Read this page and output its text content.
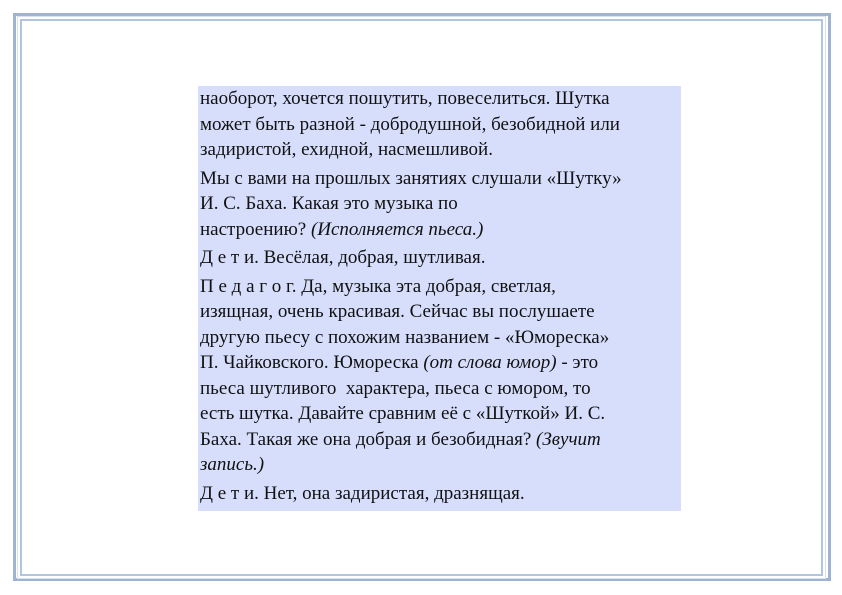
наоборот, хочется пошутить, повеселиться. Шутка
может быть разной - добродушной, безобидной или
задиристой, ехидной, насмешливой.

Мы с вами на прошлых занятиях слушали «Шутку»
И. С. Баха. Какая это музыка по
настроению? (Исполняется пьеса.)

Д е т и. Весёлая, добрая, шутливая.

П е д а г о г. Да, музыка эта добрая, светлая,
изящная, очень красивая. Сейчас вы послушаете
другую пьесу с похожим названием - «Юмореска»
П. Чайковского. Юмореска (от слова юмор) - это
пьеса шутливого  характера, пьеса с юмором, то
есть шутка. Давайте сравним её с «Шуткой» И. С.
Баха. Такая же она добрая и безобидная? (Звучит
запись.)

Д е т и. Нет, она задиристая, дразнящая.
